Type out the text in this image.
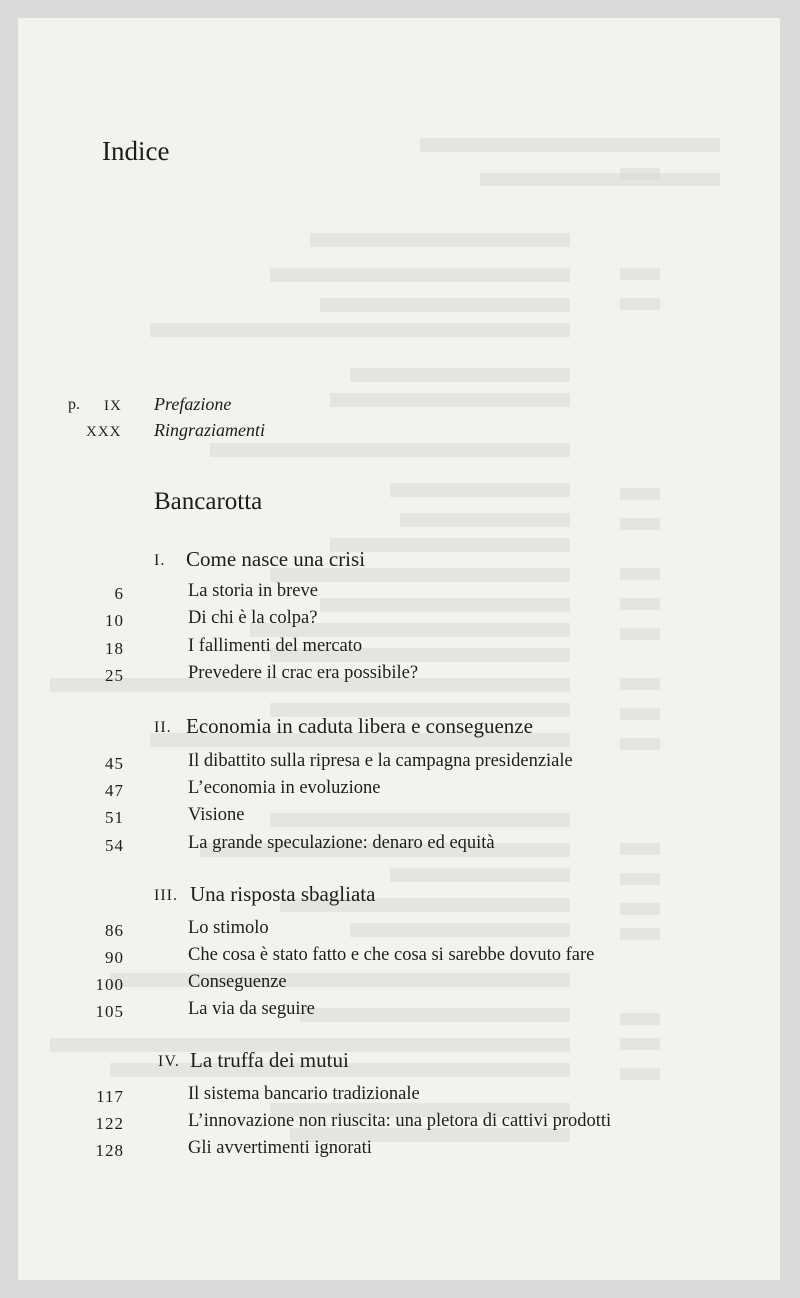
Indice
p. IX Prefazione
XXX Ringraziamenti
Bancarotta
I. Come nasce una crisi
6	La storia in breve
10	Di chi è la colpa?
18	I fallimenti del mercato
25	Prevedere il crac era possibile?
II. Economia in caduta libera e conseguenze
45	Il dibattito sulla ripresa e la campagna presidenziale
47	L’economia in evoluzione
51	Visione
54	La grande speculazione: denaro ed equità
III. Una risposta sbagliata
86	Lo stimolo
90	Che cosa è stato fatto e che cosa si sarebbe dovuto fare
100	Conseguenze
105	La via da seguire
IV. La truffa dei mutui
117	Il sistema bancario tradizionale
122	L’innovazione non riuscita: una pletora di cattivi prodotti
128	Gli avvertimenti ignorati
